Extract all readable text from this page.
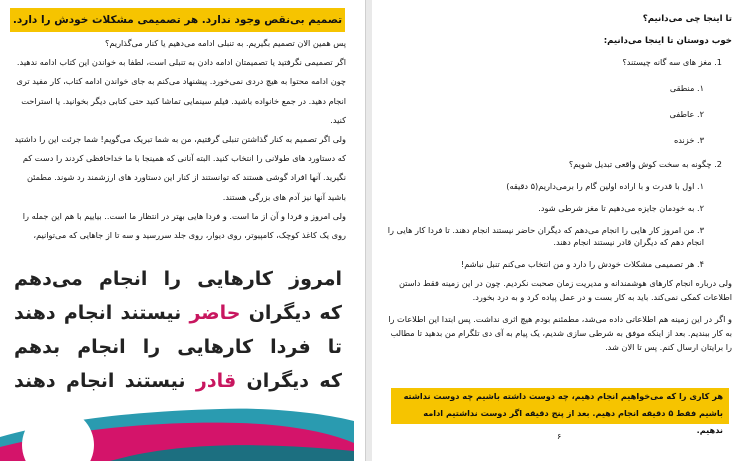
تصمیم بی‌نقص وجود ندارد. هر تصمیمی مشکلات خودش را دارد.

پس همین الان تصمیم بگیریم. به تنبلی ادامه می‌دهیم یا کنار می‌گذاریم؟

اگر تصمیمی نگرفتید یا تصمیمتان ادامه دادن به تنبلی است، لطفا به خواندن این کتاب ادامه ندهید. چون ادامه محتوا به هیچ دردی نمی‌خورد. پیشنهاد می‌کنم به جای خواندن ادامه کتاب، کار مفید تری انجام دهید. در جمع خانواده باشید. فیلم سینمایی تماشا کنید حتی کتابی دیگر بخوانید. یا استراحت کنید.

ولی اگر تصمیم به کنار گذاشتن تنبلی گرفتیم، من به شما تبریک می‌گویم! شما جرئت این را داشتید که دستاورد های طولانی را انتخاب کنید. البته آنانی که همینجا با ما خداحافظی کردند را دست کم نگیرید. آنها افراد گوشی هستند که توانستند از کنار این دستاورد های ارزشمند رد شوند. مطمئن باشید آنها نیز آدم های بزرگی هستند.

ولی امروز و فردا و آن از ما است. و فردا هایی بهتر در انتظار ما است.. بیاییم با هم این جمله را روی یک کاغذ کوچک، کامپیوتر، روی دیوار، روی جلد سررسید و سه تا از جاهایی که می‌توانیم،

امروز کارهایی را انجام می‌دهم
که دیگران حاضر نیستند انجام دهند
تا فردا کارهایی را انجام بدهم
که دیگران قادر نیستند انجام دهند

تا اینجا چی می‌دانیم؟

خوب دوستان تا اینجا می‌دانیم:

1. مغز های سه گانه چیستند؟

۱. منطقی

۲. عاطفی

۳. خزنده

2. چگونه به سخت کوش واقعی تبدیل شویم؟

۱. اول با قدرت و با اراده اولین گام را برمی‌داریم(۵ دقیقه)

۲. به خودمان جایزه می‌دهیم تا مغز شرطی شود.

۳. من امروز کار هایی را انجام می‌دهم که دیگران حاضر نیستند انجام دهند. تا فردا کار هایی را انجام دهم که دیگران قادر نیستند انجام دهند.

۴. هر تصمیمی مشکلات خودش را دارد و من انتخاب می‌کنم تنبل نباشم!

ولی درباره انجام کارهای هوشمندانه و مدیریت زمان صحبت نکردیم. چون در این زمینه فقط داستن اطلاعات کمکی نمی‌کند. باید به کار بست و در عمل پیاده کرد و به درد بخورد.

و اگر در این زمینه هم اطلاعاتی داده می‌شد، مطمئنم بودم هیچ اثری نداشت. پس ابتدا این اطلاعات را به کار ببندیم. بعد از اینکه موفق به شرطی سازی شدیم، یک پیام به آی دی تلگرام من بدهید تا مطالب را برایتان ارسال کنم. پس تا الان شد.

هر کاری را که می‌خواهیم انجام دهیم، چه دوست داشته باشیم چه دوست نداشته باشیم فقط ۵ دقیقه انجام دهیم. بعد از پنج دقیقه اگر دوست نداشتیم ادامه ندهیم.
۶
